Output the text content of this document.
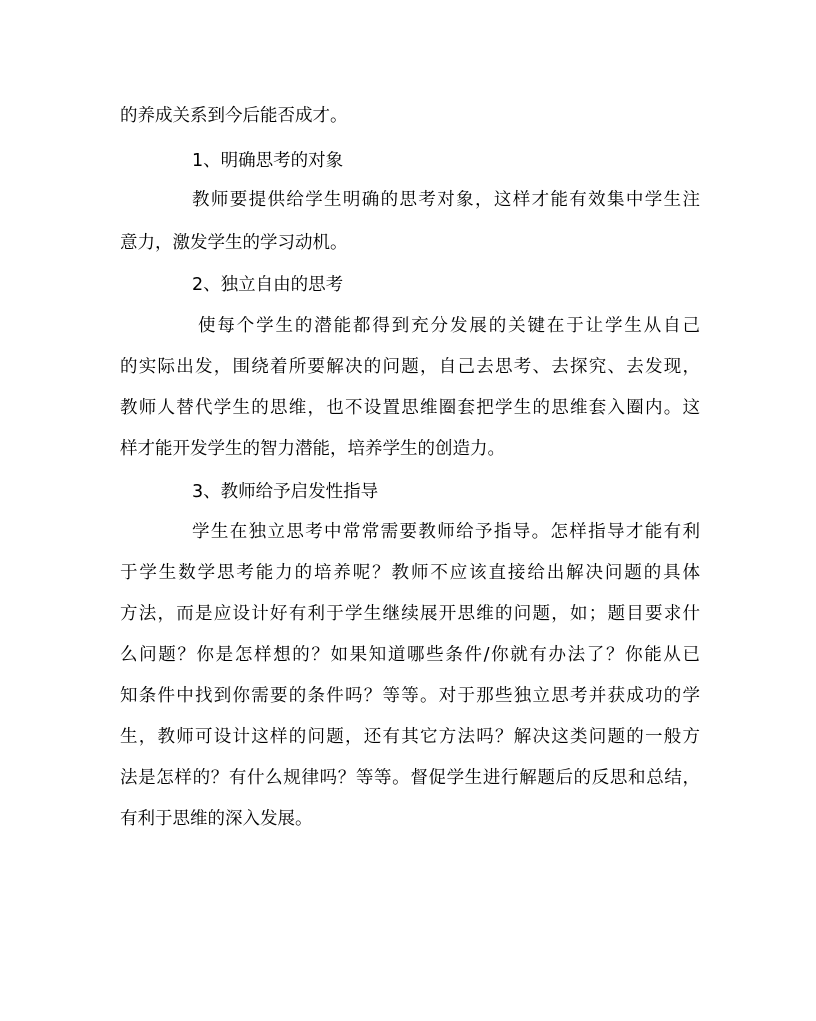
的养成关系到今后能否成才。
1、明确思考的对象
教师要提供给学生明确的思考对象，这样才能有效集中学生注
意力，激发学生的学习动机。
2、独立自由的思考
使每个学生的潜能都得到充分发展的关键在于让学生从自己
的实际出发，围绕着所要解决的问题，自己去思考、去探究、去发现，
教师人替代学生的思维，也不设置思维圈套把学生的思维套入圈内。这
样才能开发学生的智力潜能，培养学生的创造力。
3、教师给予启发性指导
学生在独立思考中常常需要教师给予指导。怎样指导才能有利
于学生数学思考能力的培养呢？教师不应该直接给出解决问题的具体
方法，而是应设计好有利于学生继续展开思维的问题，如；题目要求什
么问题？你是怎样想的？如果知道哪些条件/你就有办法了？你能从已
知条件中找到你需要的条件吗？等等。对于那些独立思考并获成功的学
生，教师可设计这样的问题，还有其它方法吗？解决这类问题的一般方
法是怎样的？有什么规律吗？等等。督促学生进行解题后的反思和总结，
有利于思维的深入发展。
